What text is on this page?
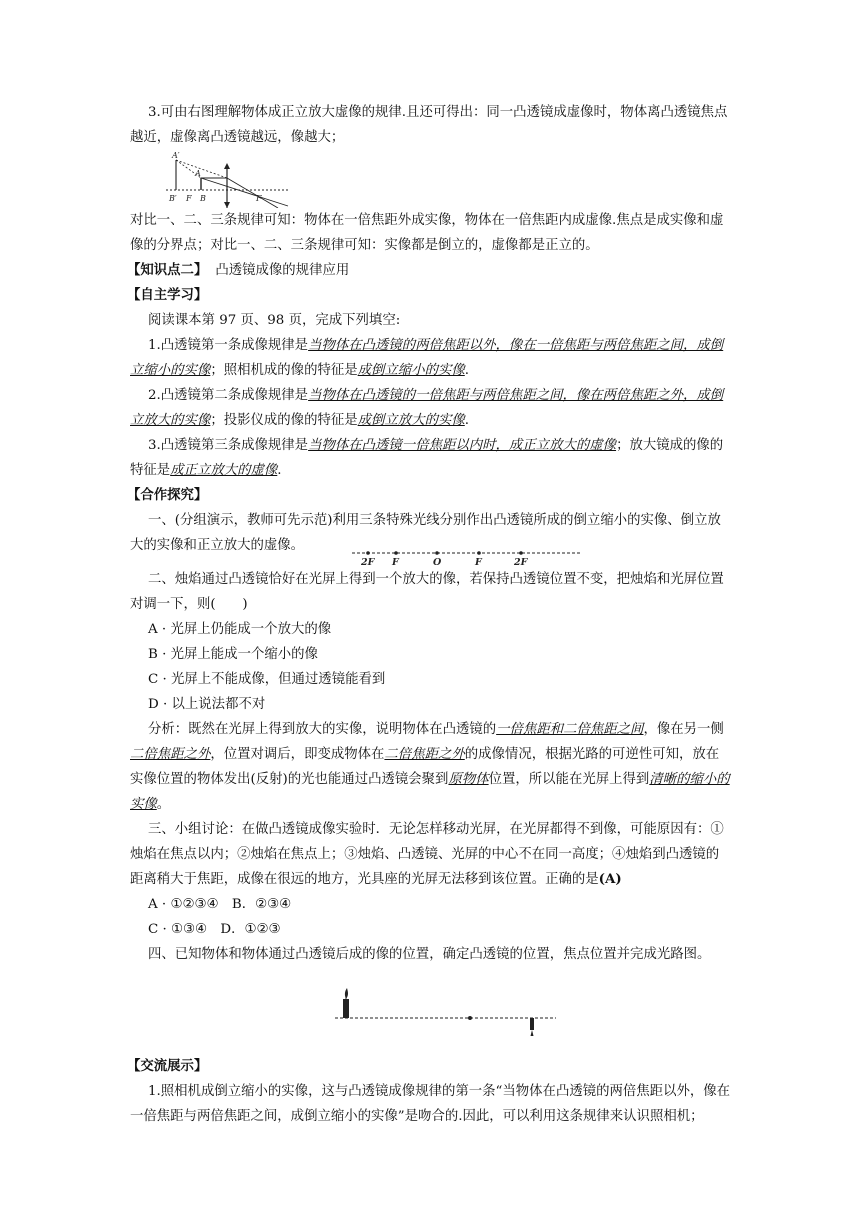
3.可由右图理解物体成正立放大虚像的规律.且还可得出：同一凸透镜成虚像时，物体离凸透镜焦点越近，虚像离凸透镜越远，像越大；

A′
A
B′ F B	F

对比一、二、三条规律可知：物体在一倍焦距外成实像，物体在一倍焦距内成虚像.焦点是成实像和虚像的分界点；对比一、二、三条规律可知：实像都是倒立的，虚像都是正立的。

【知识点二】 凸透镜成像的规律应用

【自主学习】

阅读课本第 97 页、98 页，完成下列填空:

1.凸透镜第一条成像规律是当物体在凸透镜的两倍焦距以外，像在一倍焦距与两倍焦距之间，成倒立缩小的实像；照相机成的像的特征是成倒立缩小的实像.

2.凸透镜第二条成像规律是当物体在凸透镜的一倍焦距与两倍焦距之间，像在两倍焦距之外，成倒立放大的实像；投影仪成的像的特征是成倒立放大的实像.

3.凸透镜第三条成像规律是当物体在凸透镜一倍焦距以内时，成正立放大的虚像；放大镜成的像的特征是成正立放大的虚像.

【合作探究】

一、(分组演示，教师可先示范)利用三条特殊光线分别作出凸透镜所成的倒立缩小的实像、倒立放大的实像和正立放大的虚像。

2F F	O	F	2F

二、烛焰通过凸透镜恰好在光屏上得到一个放大的像，若保持凸透镜位置不变，把烛焰和光屏位置对调一下，则(　　)

A · 光屏上仍能成一个放大的像

B · 光屏上能成一个缩小的像

C · 光屏上不能成像，但通过透镜能看到

D · 以上说法都不对

分析：既然在光屏上得到放大的实像，说明物体在凸透镜的一倍焦距和二倍焦距之间，像在另一侧二倍焦距之外，位置对调后，即变成物体在二倍焦距之外的成像情况，根据光路的可逆性可知，放在实像位置的物体发出(反射)的光也能通过凸透镜会聚到原物体位置，所以能在光屏上得到清晰的缩小的实像。

三、小组讨论：在做凸透镜成像实验时．无论怎样移动光屏，在光屏都得不到像，可能原因有：①烛焰在焦点以内；②烛焰在焦点上；③烛焰、凸透镜、光屏的中心不在同一高度；④烛焰到凸透镜的距离稍大于焦距，成像在很远的地方，光具座的光屏无法移到该位置。正确的是(A)

A · ①②③④　B．②③④

C · ①③④　D．①②③

四、已知物体和物体通过凸透镜后成的像的位置，确定凸透镜的位置，焦点位置并完成光路图。

【交流展示】

1.照相机成倒立缩小的实像，这与凸透镜成像规律的第一条“当物体在凸透镜的两倍焦距以外，像在一倍焦距与两倍焦距之间，成倒立缩小的实像”是吻合的.因此，可以利用这条规律来认识照相机；
